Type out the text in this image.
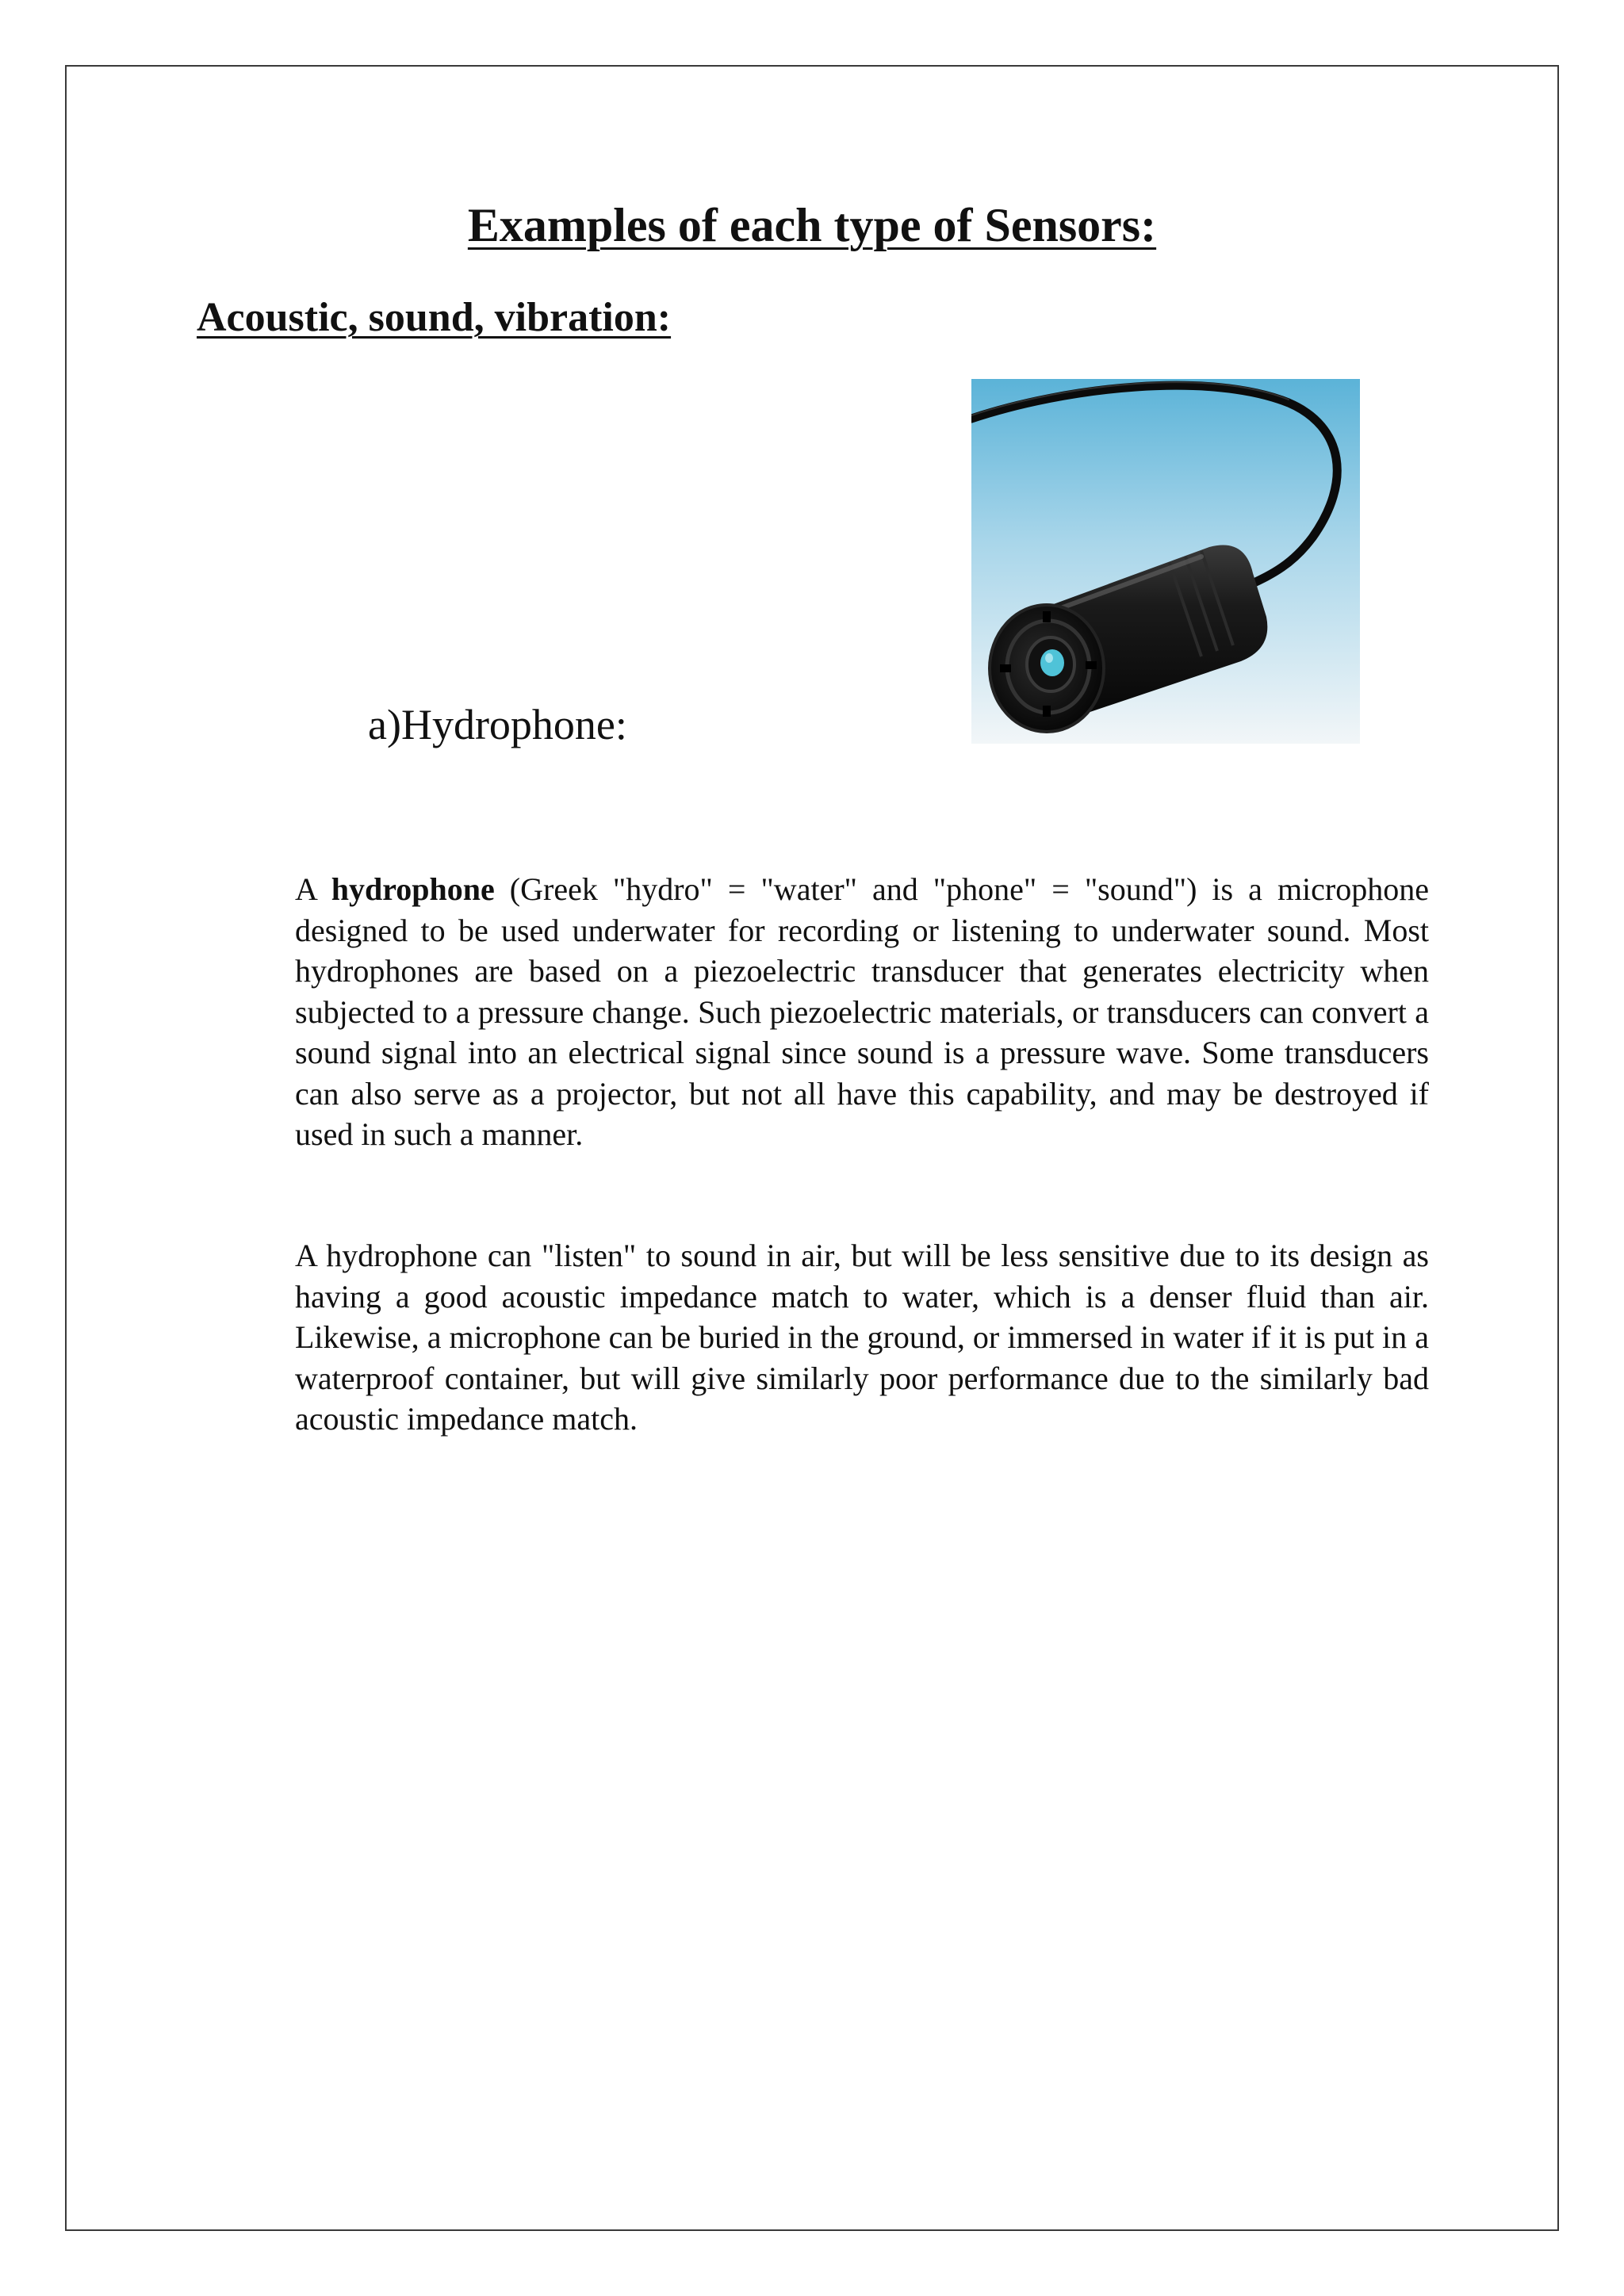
Examples of each type of Sensors:
Acoustic, sound, vibration:

a)Hydrophone:

A hydrophone (Greek "hydro" = "water" and "phone" = "sound") is a microphone designed to be used underwater for recording or listening to underwater sound. Most hydrophones are based on a piezoelectric transducer that generates electricity when subjected to a pressure change. Such piezoelectric materials, or transducers can convert a sound signal into an electrical signal since sound is a pressure wave. Some transducers can also serve as a projector, but not all have this capability, and may be destroyed if used in such a manner.

A hydrophone can "listen" to sound in air, but will be less sensitive due to its design as having a good acoustic impedance match to water, which is a denser fluid than air. Likewise, a microphone can be buried in the ground, or immersed in water if it is put in a waterproof container, but will give similarly poor performance due to the similarly bad acoustic impedance match.
